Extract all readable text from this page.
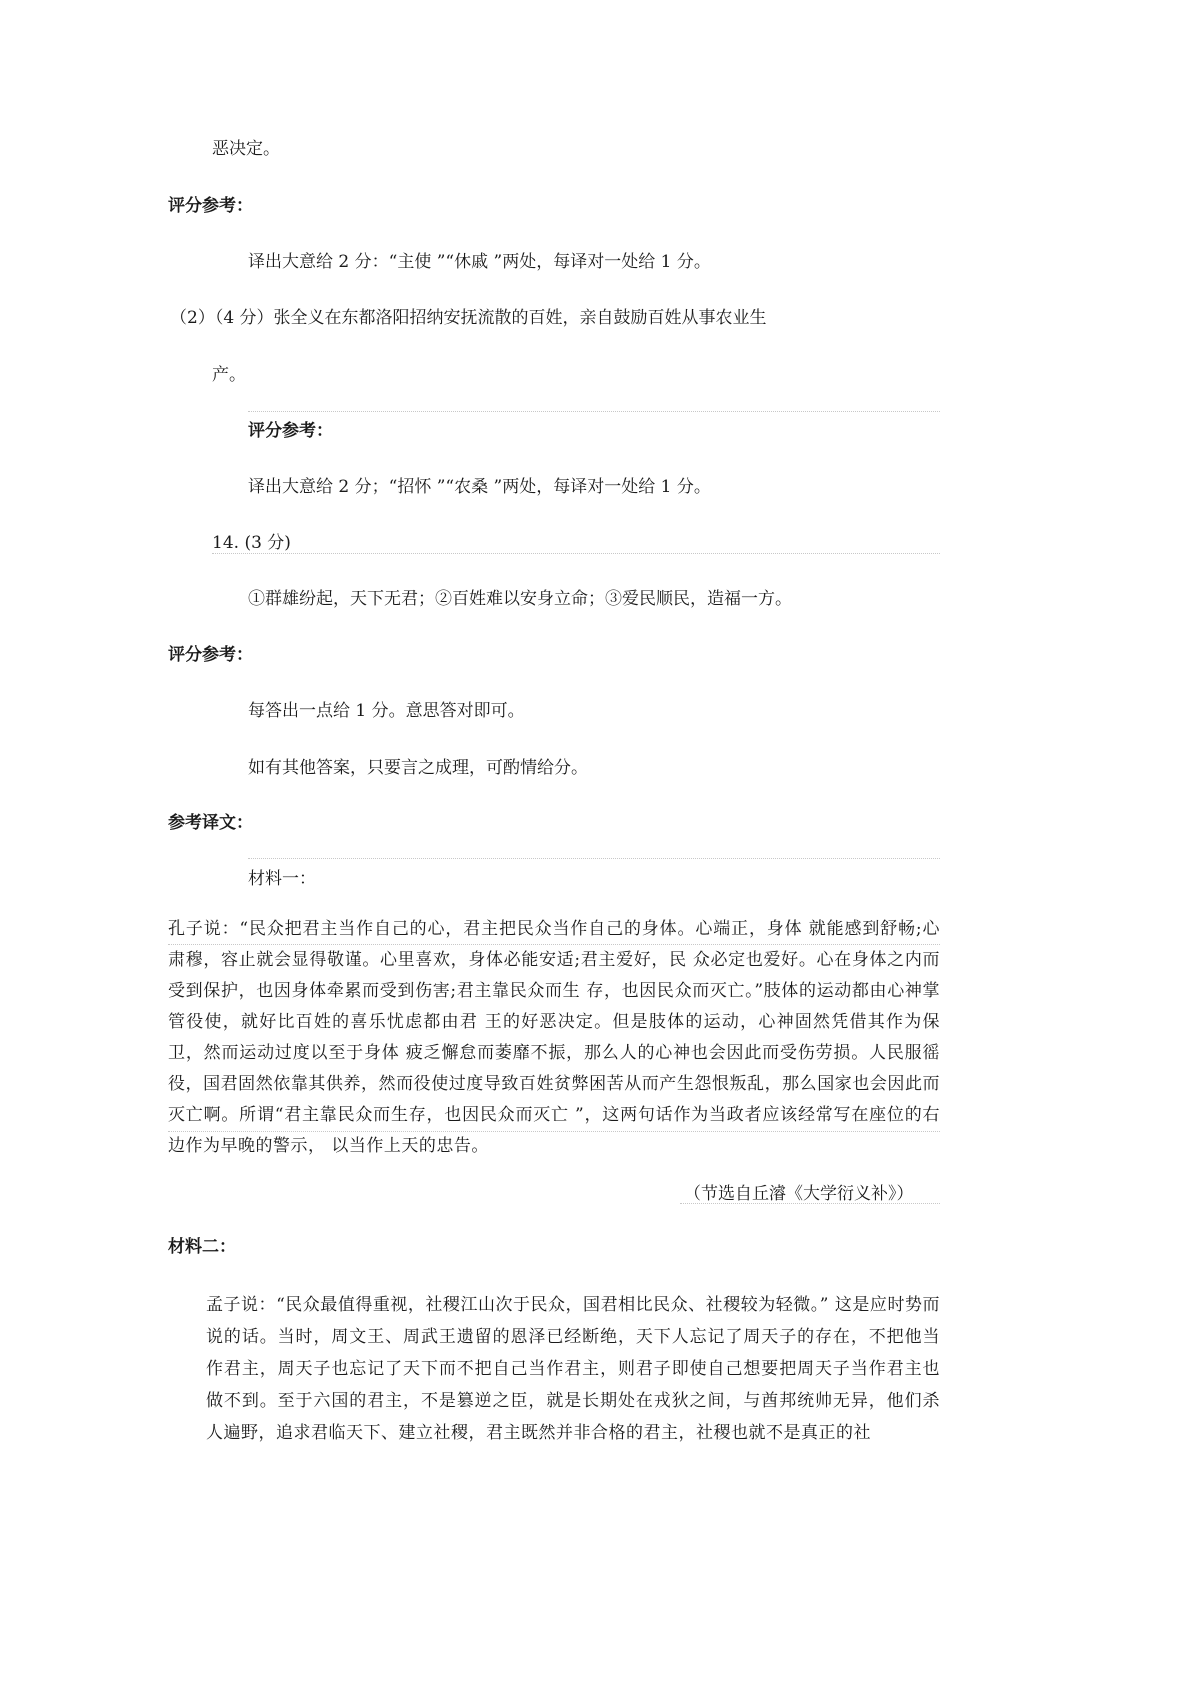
恶决定。
评分参考：
译出大意给 2 分：“主使 ”“休戚 ”两处，每译对一处给 1 分。
（2）（4 分）张全义在东都洛阳招纳安抚流散的百姓，亲自鼓励百姓从事农业生
产。
评分参考：
译出大意给 2 分；“招怀 ”“农桑 ”两处，每译对一处给 1 分。
14. (3 分)
①群雄纷起，天下无君；②百姓难以安身立命；③爱民顺民，造福一方。
评分参考：
每答出一点给 1 分。意思答对即可。
如有其他答案，只要言之成理，可酌情给分。
参考译文：
材料一：

孔子说：“民众把君主当作自己的心，君主把民众当作自己的身体。心端正，身体 就能感到舒畅;心肃穆，容止就会显得敬谨。心里喜欢，身体必能安适;君主爱好，民 众必定也爱好。心在身体之内而受到保护，也因身体牵累而受到伤害;君主靠民众而生 存，也因民众而灭亡。”肢体的运动都由心神掌管役使，就好比百姓的喜乐忧虑都由君 王的好恶决定。但是肢体的运动，心神固然凭借其作为保卫，然而运动过度以至于身体 疲乏懈怠而萎靡不振，那么人的心神也会因此而受伤劳损。人民服徭役，国君固然依靠其供养，然而役使过度导致百姓贫弊困苦从而产生怨恨叛乱，那么国家也会因此而灭亡啊。所谓“君主靠民众而生存，也因民众而灭亡 ”，这两句话作为当政者应该经常写在座位的右边作为早晚的警示， 以当作上天的忠告。

（节选自丘濬《大学衍义补》）
材料二：

孟子说：“民众最值得重视，社稷江山次于民众，国君相比民众、社稷较为轻微。” 这是应时势而说的话。当时，周文王、周武王遗留的恩泽已经断绝，天下人忘记了周天子的存在，不把他当作君主，周天子也忘记了天下而不把自己当作君主，则君子即使自己想要把周天子当作君主也做不到。至于六国的君主，不是篡逆之臣，就是长期处在戎狄之间，与酋邦统帅无异，他们杀人遍野，追求君临天下、建立社稷，君主既然并非合格的君主，社稷也就不是真正的社
